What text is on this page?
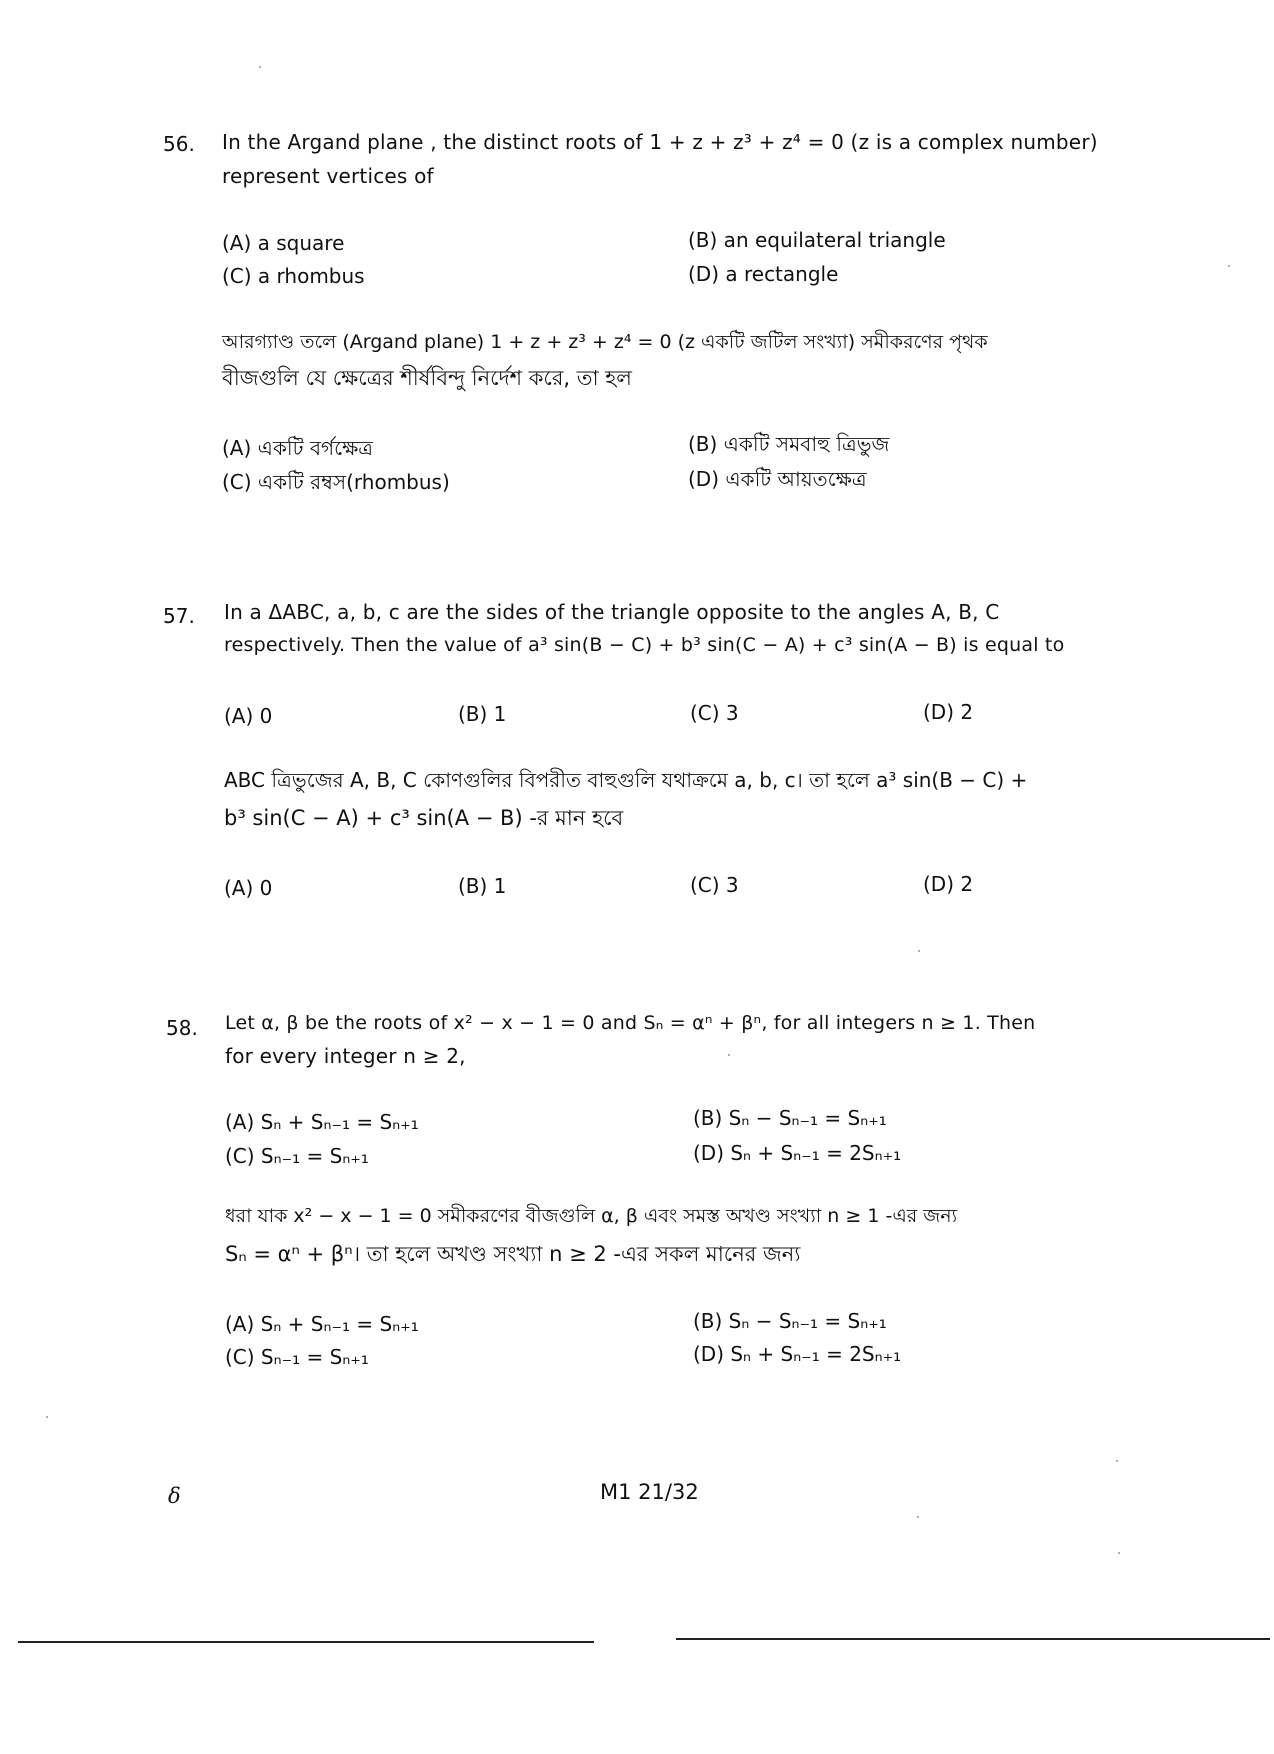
56. In the Argand plane , the distinct roots of 1 + z + z³ + z⁴ = 0 (z is a complex number)
represent vertices of
(A) a square	(B) an equilateral triangle
(C) a rhombus	(D) a rectangle
আরগ্যাণ্ড তলে (Argand plane) 1 + z + z³ + z⁴ = 0 (z একটি জটিল সংখ্যা) সমীকরণের পৃথক
বীজগুলি যে ক্ষেত্রের শীর্ষবিন্দু নির্দেশ করে, তা হল
(A) একটি বর্গক্ষেত্র	(B) একটি সমবাহু ত্রিভুজ
(C) একটি রম্বস(rhombus)	(D) একটি আয়তক্ষেত্র
57. In a ΔABC, a, b, c are the sides of the triangle opposite to the angles A, B, C
respectively. Then the value of a³ sin(B − C) + b³ sin(C − A) + c³ sin(A − B) is equal to
(A) 0	(B) 1	(C) 3	(D) 2
ABC ত্রিভুজের A, B, C কোণগুলির বিপরীত বাহুগুলি যথাক্রমে a, b, c। তা হলে a³ sin(B − C) +
b³ sin(C − A) + c³ sin(A − B) -র মান হবে
(A) 0	(B) 1	(C) 3	(D) 2
58. Let α, β be the roots of x² − x − 1 = 0 and Sₙ = αⁿ + βⁿ, for all integers n ≥ 1. Then
for every integer n ≥ 2,
(A) Sₙ + Sₙ₋₁ = Sₙ₊₁	(B) Sₙ − Sₙ₋₁ = Sₙ₊₁
(C) Sₙ₋₁ = Sₙ₊₁	(D) Sₙ + Sₙ₋₁ = 2Sₙ₊₁
ধরা যাক x² − x − 1 = 0 সমীকরণের বীজগুলি α, β এবং সমস্ত অখণ্ড সংখ্যা n ≥ 1 -এর জন্য
Sₙ = αⁿ + βⁿ। তা হলে অখণ্ড সংখ্যা n ≥ 2 -এর সকল মানের জন্য
(A) Sₙ + Sₙ₋₁ = Sₙ₊₁	(B) Sₙ − Sₙ₋₁ = Sₙ₊₁
(C) Sₙ₋₁ = Sₙ₊₁	(D) Sₙ + Sₙ₋₁ = 2Sₙ₊₁
δ	M1 21/32
